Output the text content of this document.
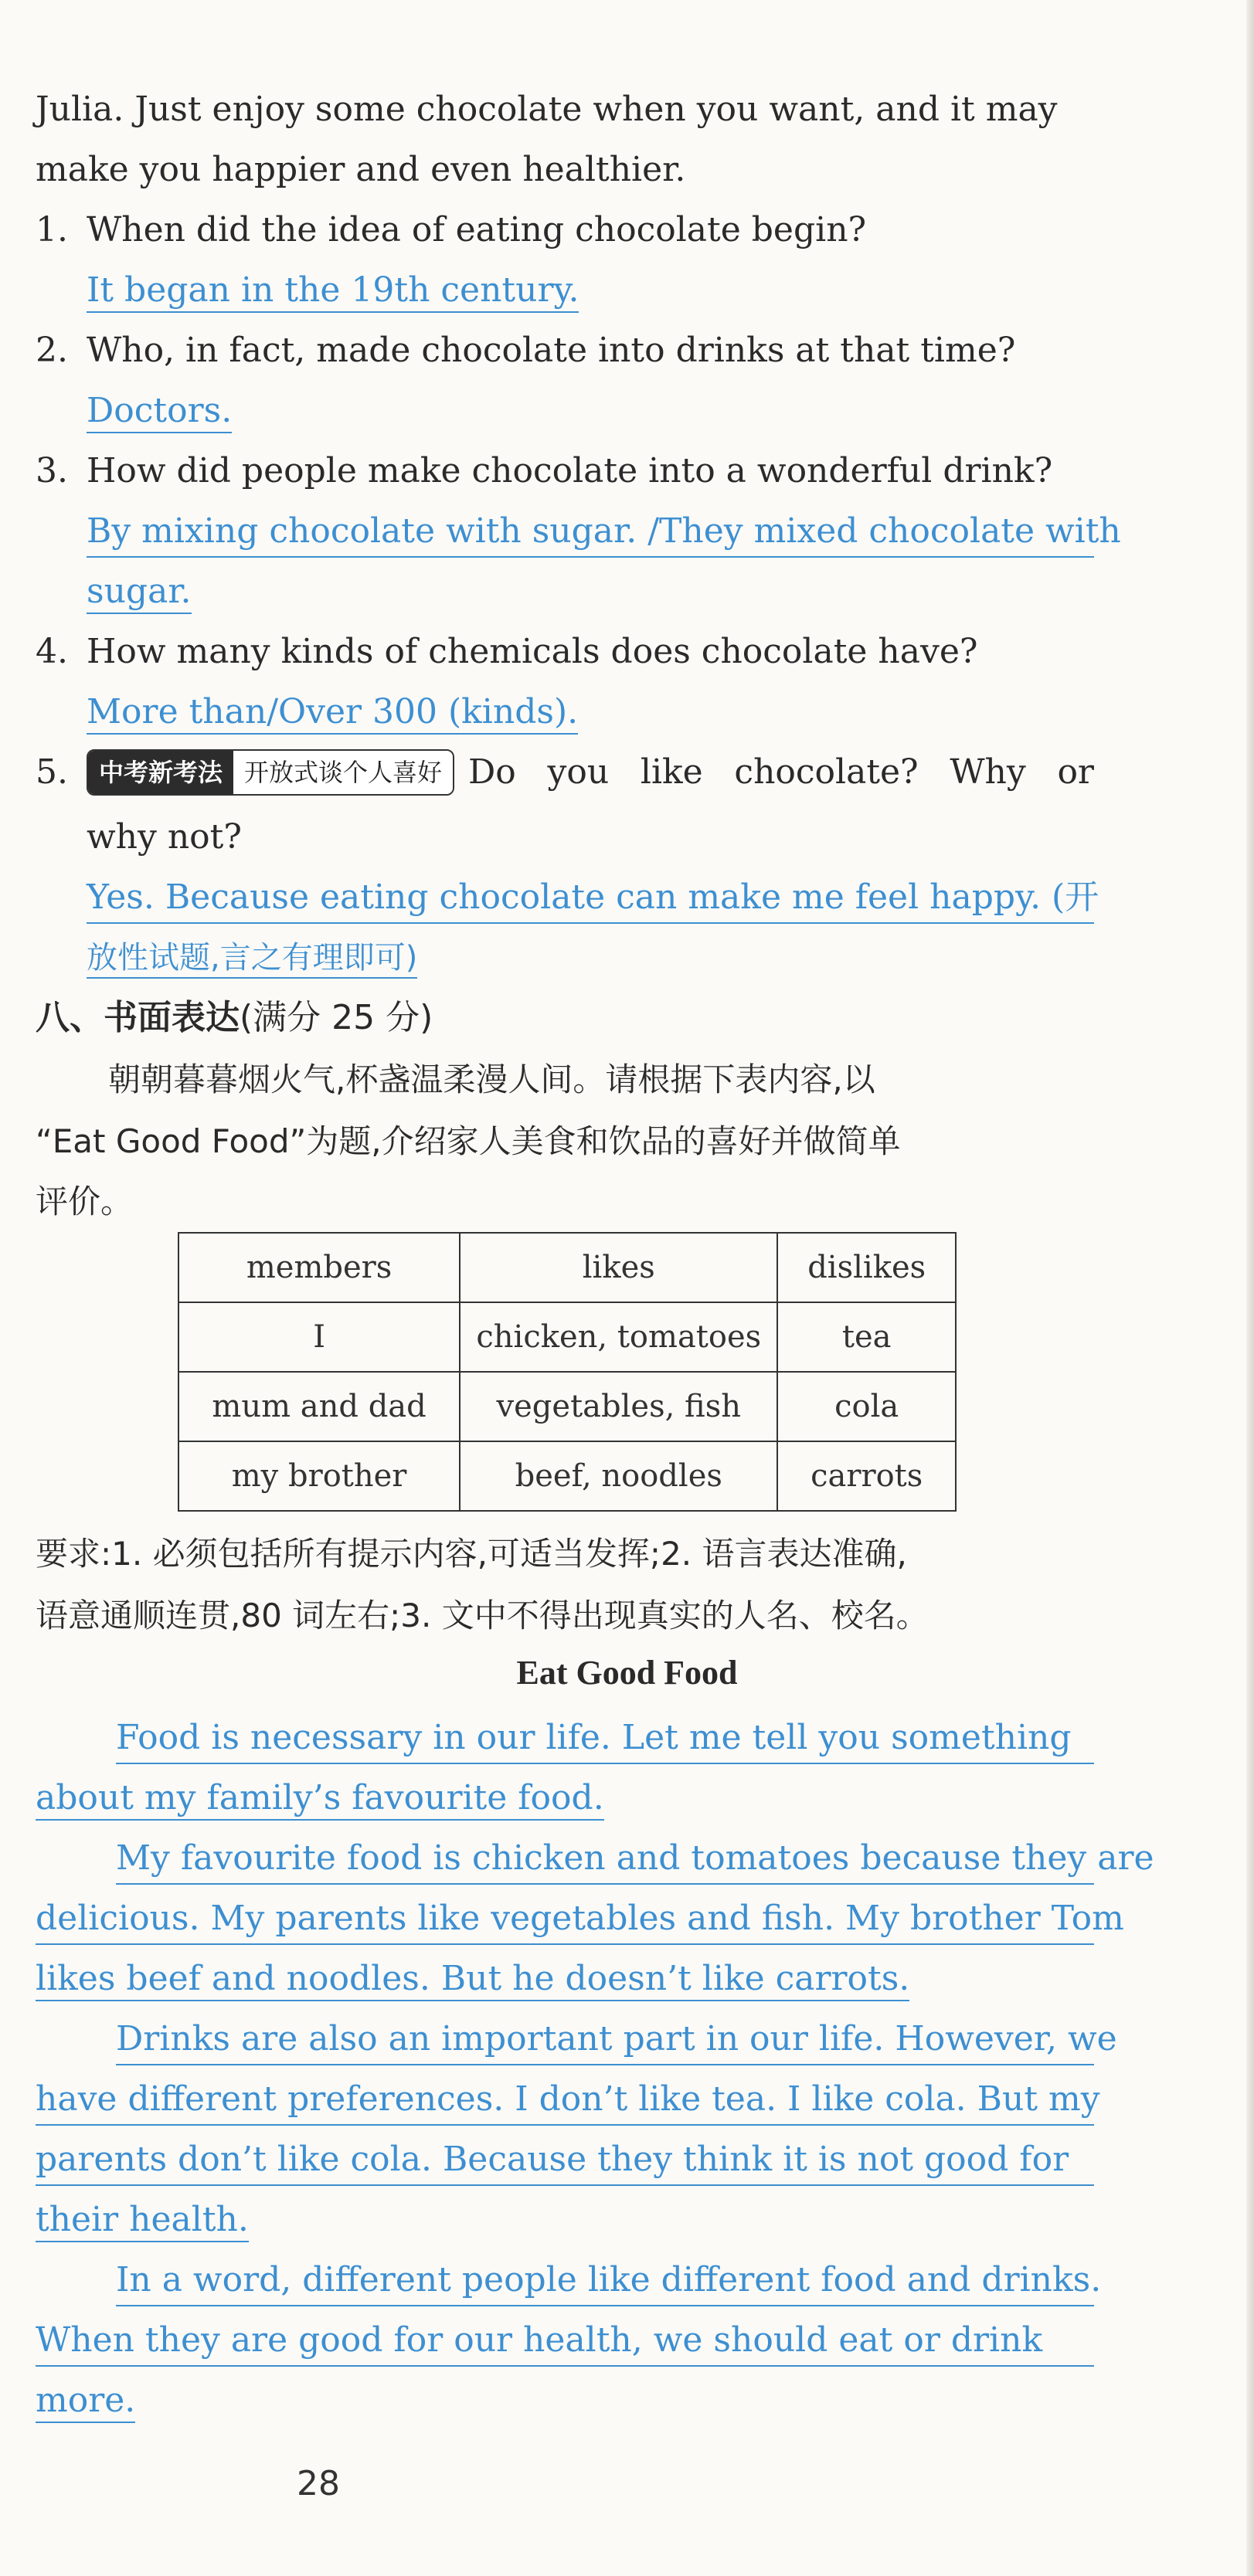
Julia. Just enjoy some chocolate when you want, and it may
make you happier and even healthier.
1. When did the idea of eating chocolate begin?
It began in the 19th century.
2. Who, in fact, made chocolate into drinks at that time?
Doctors.
3. How did people make chocolate into a wonderful drink?
By mixing chocolate with sugar. /They mixed chocolate with
sugar.
4. How many kinds of chemicals does chocolate have?
More than/Over 300 (kinds).
5.	中考新考法 开放式谈个人喜好 Do you like chocolate? Why or
why not?
Yes. Because eating chocolate can make me feel happy. (开
放性试题,言之有理即可)
八、书面表达(满分 25 分)
朝朝暮暮烟火气,杯盏温柔漫人间。请根据下表内容,以
“Eat Good Food”为题,介绍家人美食和饮品的喜好并做简单
评价。
members	likes	dislikes
I	chicken, tomatoes	tea
mum and dad	vegetables, fish	cola
my brother	beef, noodles	carrots
要求:1. 必须包括所有提示内容,可适当发挥;2. 语言表达准确,
语意通顺连贯,80 词左右;3. 文中不得出现真实的人名、校名。
Eat Good Food
Food is necessary in our life. Let me tell you something
about my family’s favourite food.
My favourite food is chicken and tomatoes because they are
delicious. My parents like vegetables and fish. My brother Tom
likes beef and noodles. But he doesn’t like carrots.
Drinks are also an important part in our life. However, we
have different preferences. I don’t like tea. I like cola. But my
parents don’t like cola. Because they think it is not good for
their health.
In a word, different people like different food and drinks.
When they are good for our health, we should eat or drink
more.
28
